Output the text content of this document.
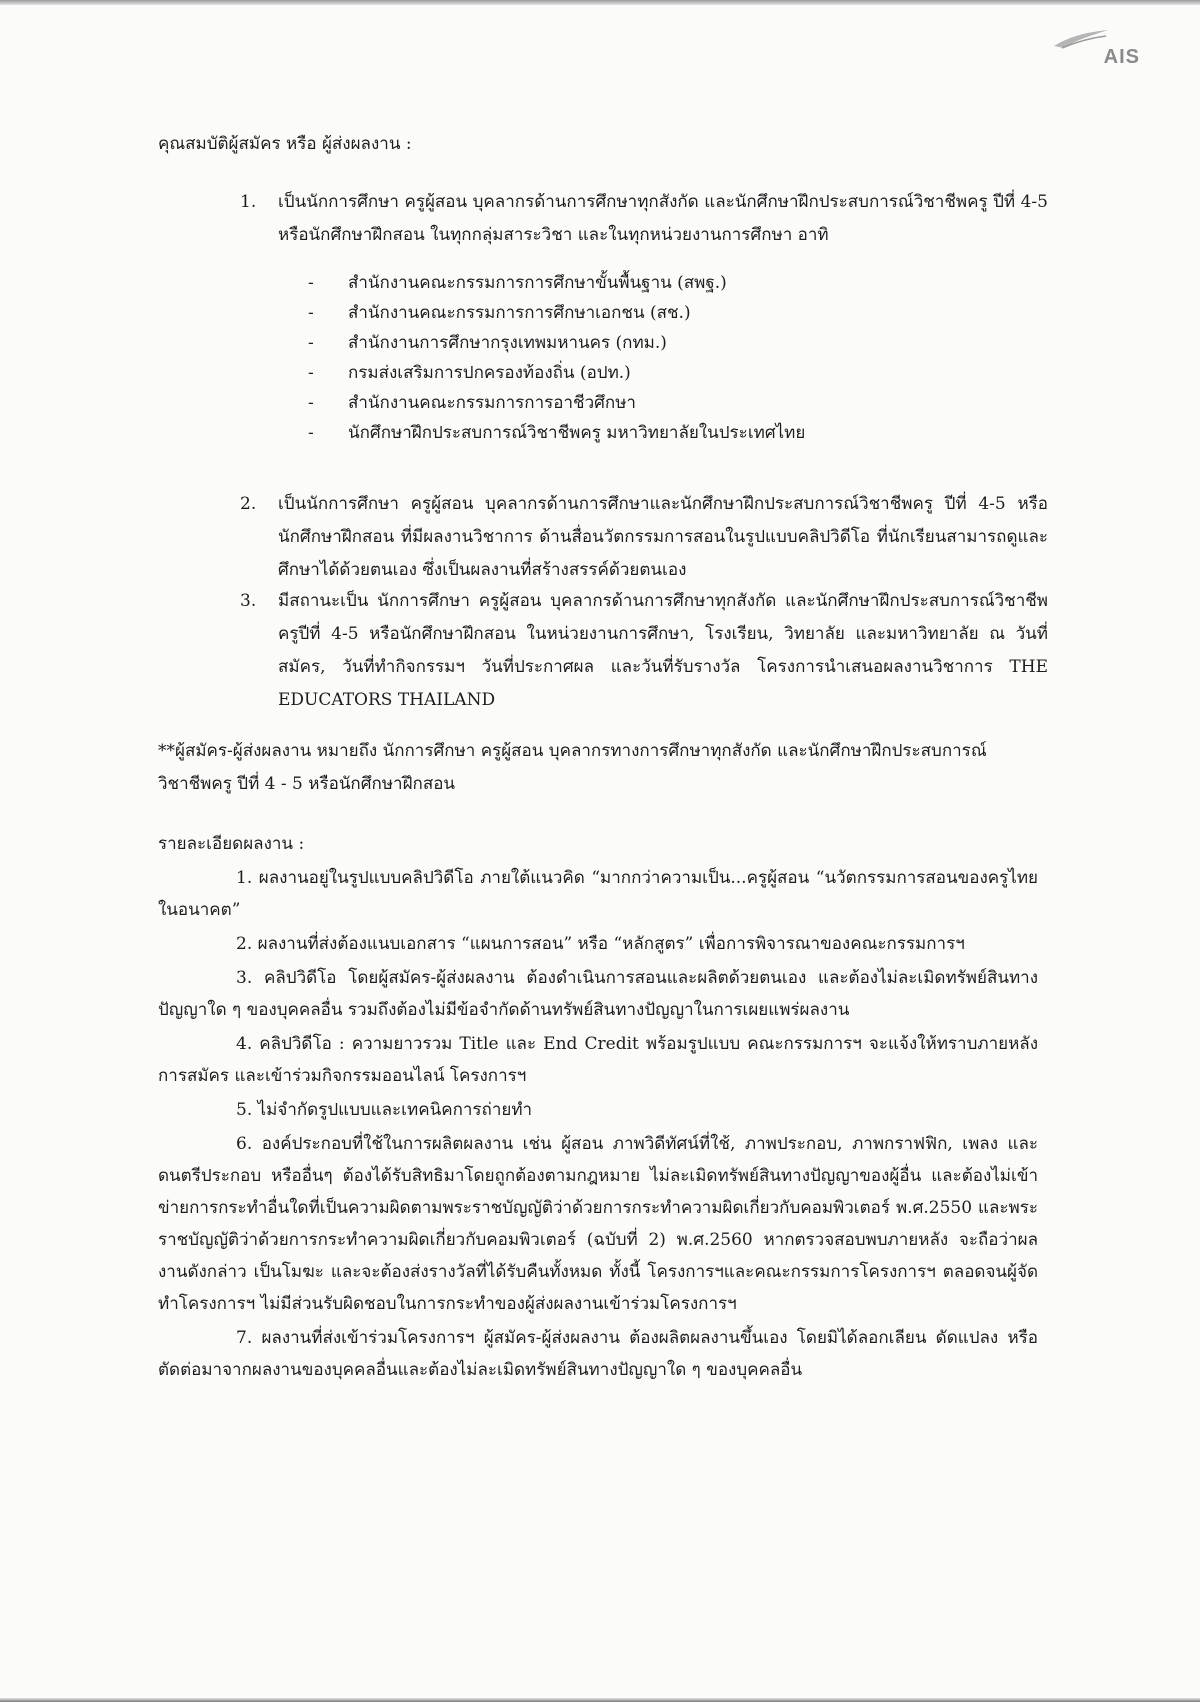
AIS
คุณสมบัติผู้สมัคร หรือ ผู้ส่งผลงาน :
1. เป็นนักการศึกษา ครูผู้สอน บุคลากรด้านการศึกษาทุกสังกัด และนักศึกษาฝึกประสบการณ์วิชาชีพครู ปีที่ 4-5 หรือนักศึกษาฝึกสอน ในทุกกลุ่มสาระวิชา และในทุกหน่วยงานการศึกษา อาทิ
-	สำนักงานคณะกรรมการการศึกษาขั้นพื้นฐาน (สพฐ.)
-	สำนักงานคณะกรรมการการศึกษาเอกชน (สช.)
-	สำนักงานการศึกษากรุงเทพมหานคร (กทม.)
-	กรมส่งเสริมการปกครองท้องถิ่น (อปท.)
-	สำนักงานคณะกรรมการการอาชีวศึกษา
-	นักศึกษาฝึกประสบการณ์วิชาชีพครู มหาวิทยาลัยในประเทศไทย
2. เป็นนักการศึกษา ครูผู้สอน บุคลากรด้านการศึกษาและนักศึกษาฝึกประสบการณ์วิชาชีพครู ปีที่ 4-5 หรือนักศึกษาฝึกสอน ที่มีผลงานวิชาการ ด้านสื่อนวัตกรรมการสอนในรูปแบบคลิปวิดีโอ ที่นักเรียนสามารถดูและศึกษาได้ด้วยตนเอง ซึ่งเป็นผลงานที่สร้างสรรค์ด้วยตนเอง
3. มีสถานะเป็น นักการศึกษา ครูผู้สอน บุคลากรด้านการศึกษาทุกสังกัด และนักศึกษาฝึกประสบการณ์วิชาชีพครูปีที่ 4-5 หรือนักศึกษาฝึกสอน ในหน่วยงานการศึกษา, โรงเรียน, วิทยาลัย และมหาวิทยาลัย ณ วันที่สมัคร, วันที่ทำกิจกรรมฯ วันที่ประกาศผล และวันที่รับรางวัล โครงการนำเสนอผลงานวิชาการ THE EDUCATORS THAILAND
**ผู้สมัคร-ผู้ส่งผลงาน หมายถึง นักการศึกษา ครูผู้สอน บุคลากรทางการศึกษาทุกสังกัด และนักศึกษาฝึกประสบการณ์วิชาชีพครู ปีที่ 4 - 5 หรือนักศึกษาฝึกสอน
รายละเอียดผลงาน :

1. ผลงานอยู่ในรูปแบบคลิปวิดีโอ ภายใต้แนวคิด “มากกว่าความเป็น...ครูผู้สอน “นวัตกรรมการสอนของครูไทยในอนาคต”

2. ผลงานที่ส่งต้องแนบเอกสาร “แผนการสอน” หรือ “หลักสูตร” เพื่อการพิจารณาของคณะกรรมการฯ

3. คลิปวิดีโอ โดยผู้สมัคร-ผู้ส่งผลงาน ต้องดำเนินการสอนและผลิตด้วยตนเอง และต้องไม่ละเมิดทรัพย์สินทางปัญญาใด ๆ ของบุคคลอื่น รวมถึงต้องไม่มีข้อจำกัดด้านทรัพย์สินทางปัญญาในการเผยแพร่ผลงาน

4. คลิปวิดีโอ : ความยาวรวม Title และ End Credit พร้อมรูปแบบ คณะกรรมการฯ จะแจ้งให้ทราบภายหลังการสมัคร และเข้าร่วมกิจกรรมออนไลน์ โครงการฯ

5. ไม่จำกัดรูปแบบและเทคนิคการถ่ายทำ

6. องค์ประกอบที่ใช้ในการผลิตผลงาน เช่น ผู้สอน ภาพวิดีทัศน์ที่ใช้, ภาพประกอบ, ภาพกราฟฟิก, เพลง และดนตรีประกอบ หรืออื่นๆ ต้องได้รับสิทธิมาโดยถูกต้องตามกฎหมาย ไม่ละเมิดทรัพย์สินทางปัญญาของผู้อื่น และต้องไม่เข้าข่ายการกระทำอื่นใดที่เป็นความผิดตามพระราชบัญญัติว่าด้วยการกระทำความผิดเกี่ยวกับคอมพิวเตอร์ พ.ศ.2550 และพระราชบัญญัติว่าด้วยการกระทำความผิดเกี่ยวกับคอมพิวเตอร์ (ฉบับที่ 2) พ.ศ.2560 หากตรวจสอบพบภายหลัง จะถือว่าผลงานดังกล่าว เป็นโมฆะ และจะต้องส่งรางวัลที่ได้รับคืนทั้งหมด ทั้งนี้ โครงการฯและคณะกรรมการโครงการฯ ตลอดจนผู้จัดทำโครงการฯ ไม่มีส่วนรับผิดชอบในการกระทำของผู้ส่งผลงานเข้าร่วมโครงการฯ

7. ผลงานที่ส่งเข้าร่วมโครงการฯ ผู้สมัคร-ผู้ส่งผลงาน ต้องผลิตผลงานขึ้นเอง โดยมิได้ลอกเลียน ดัดแปลง หรือ ตัดต่อมาจากผลงานของบุคคลอื่นและต้องไม่ละเมิดทรัพย์สินทางปัญญาใด ๆ ของบุคคลอื่น
